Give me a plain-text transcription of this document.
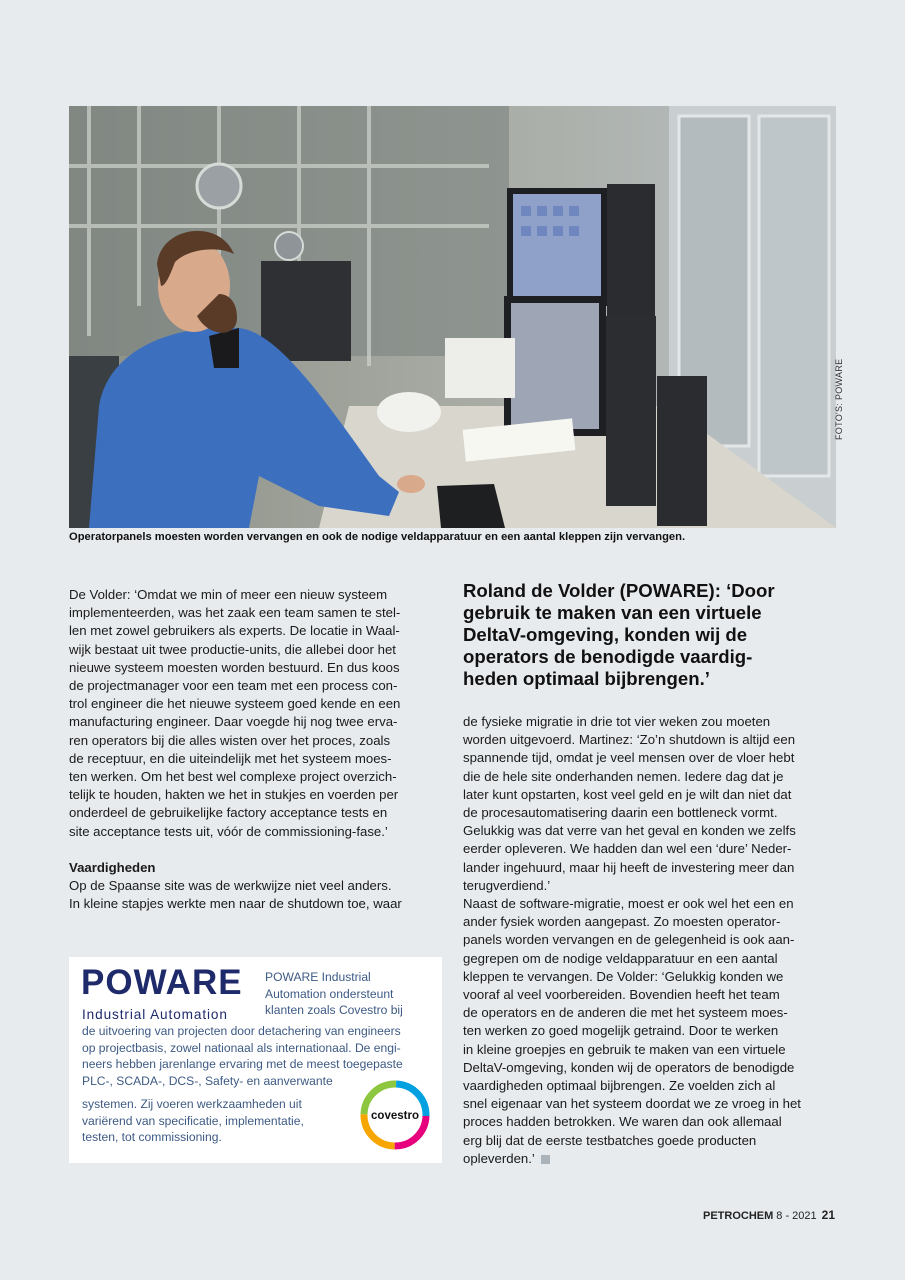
FOTO'S: POWARE
Operatorpanels moesten worden vervangen en ook de nodige veldapparatuur en een aantal kleppen zijn vervangen.

De Volder: ‘Omdat we min of meer een nieuw systeem
implementeerden, was het zaak een team samen te stel-
len met zowel gebruikers als experts. De locatie in Waal-
wijk bestaat uit twee productie-units, die allebei door het
nieuwe systeem moesten worden bestuurd. En dus koos
de projectmanager voor een team met een process con-
trol engineer die het nieuwe systeem goed kende en een
manufacturing engineer. Daar voegde hij nog twee erva-
ren operators bij die alles wisten over het proces, zoals
de receptuur, en die uiteindelijk met het systeem moes-
ten werken. Om het best wel complexe project overzich-
telijk te houden, hakten we het in stukjes en voerden per
onderdeel de gebruikelijke factory acceptance tests en
site acceptance tests uit, vóór de commissioning-fase.’

Vaardigheden

Op de Spaanse site was de werkwijze niet veel anders.
In kleine stapjes werkte men naar de shutdown toe, waar

Roland de Volder (POWARE): ‘Door
gebruik te maken van een virtuele
DeltaV-omgeving, konden wij de
operators de benodigde vaardig-
heden optimaal bijbrengen.’

de fysieke migratie in drie tot vier weken zou moeten
worden uitgevoerd. Martinez: ‘Zo’n shutdown is altijd een
spannende tijd, omdat je veel mensen over de vloer hebt
die de hele site onderhanden nemen. Iedere dag dat je
later kunt opstarten, kost veel geld en je wilt dan niet dat
de procesautomatisering daarin een bottleneck vormt.
Gelukkig was dat verre van het geval en konden we zelfs
eerder opleveren. We hadden dan wel een ‘dure’ Neder-
lander ingehuurd, maar hij heeft de investering meer dan
terugverdiend.’
Naast de software-migratie, moest er ook wel het een en
ander fysiek worden aangepast. Zo moesten operator-
panels worden vervangen en de gelegenheid is ook aan-
gegrepen om de nodige veldapparatuur en een aantal
kleppen te vervangen. De Volder: ‘Gelukkig konden we
vooraf al veel voorbereiden. Bovendien heeft het team
de operators en de anderen die met het systeem moes-
ten werken zo goed mogelijk getraind. Door te werken
in kleine groepjes en gebruik te maken van een virtuele
DeltaV-omgeving, konden wij de operators de benodigde
vaardigheden optimaal bijbrengen. Ze voelden zich al
snel eigenaar van het systeem doordat we ze vroeg in het
proces hadden betrokken. We waren dan ook allemaal
erg blij dat de eerste testbatches goede producten
opleverden.’

POWARE
Industrial Automation
POWARE Industrial
Automation ondersteunt
klanten zoals Covestro bij
de uitvoering van projecten door detachering van engineers
op projectbasis, zowel nationaal als internationaal. De engi-
neers hebben jarenlange ervaring met de meest toegepaste
PLC-, SCADA-, DCS-, Safety- en aanverwante
systemen. Zij voeren werkzaamheden uit
variërend van specificatie, implementatie,
testen, tot commissioning.
covestro
PETROCHEM 8 - 2021 21
